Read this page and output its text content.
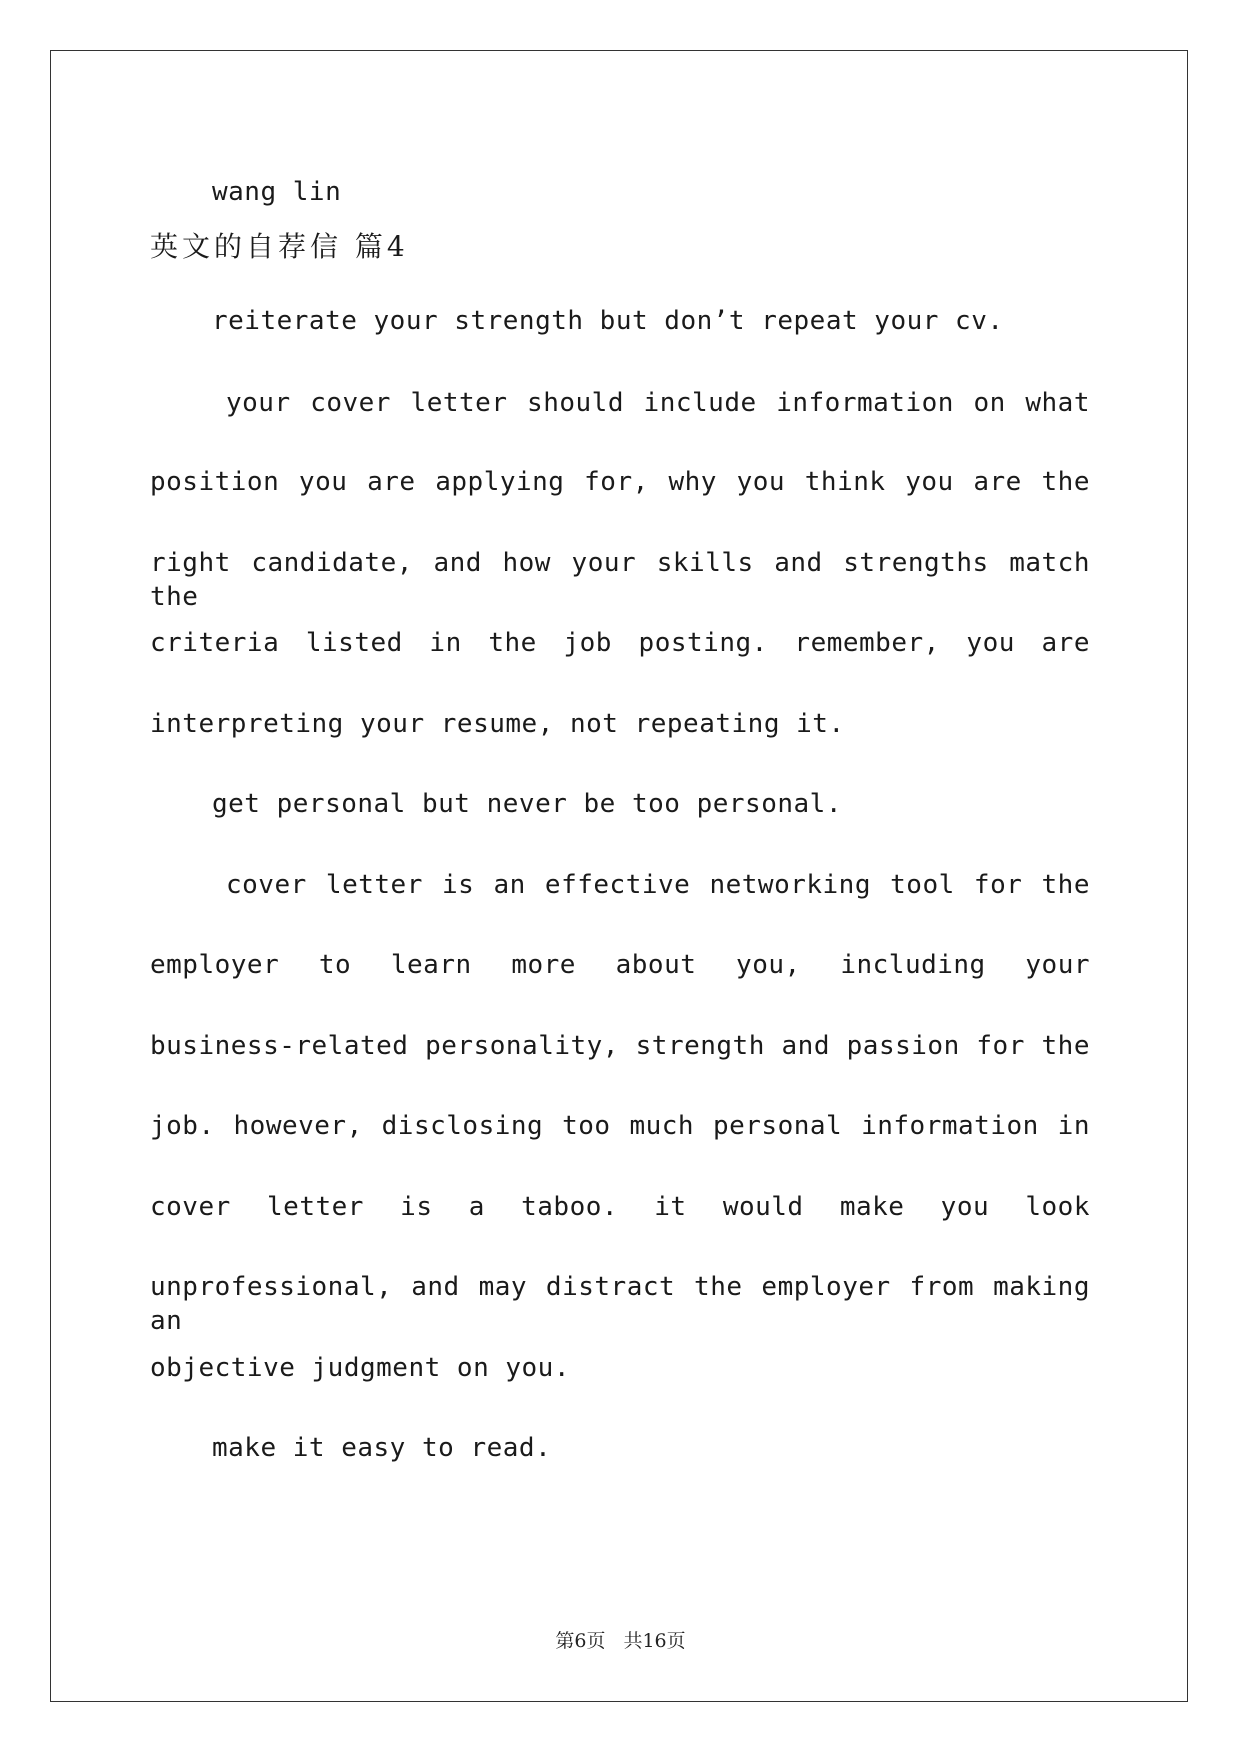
wang lin
英文的自荐信 篇4
reiterate your strength but don’t repeat your cv.
your cover letter should include information on what
position you are applying for, why you think you are the
right candidate, and how your skills and strengths match the
criteria listed in the job posting. remember, you are
interpreting your resume, not repeating it.
get personal but never be too personal.
cover letter is an effective networking tool for the
employer to learn more about you, including your
business-related personality, strength and passion for the
job. however, disclosing too much personal information in
cover letter is a taboo. it would make you look
unprofessional, and may distract the employer from making an
objective judgment on you.
make it easy to read.
第6页 共16页
